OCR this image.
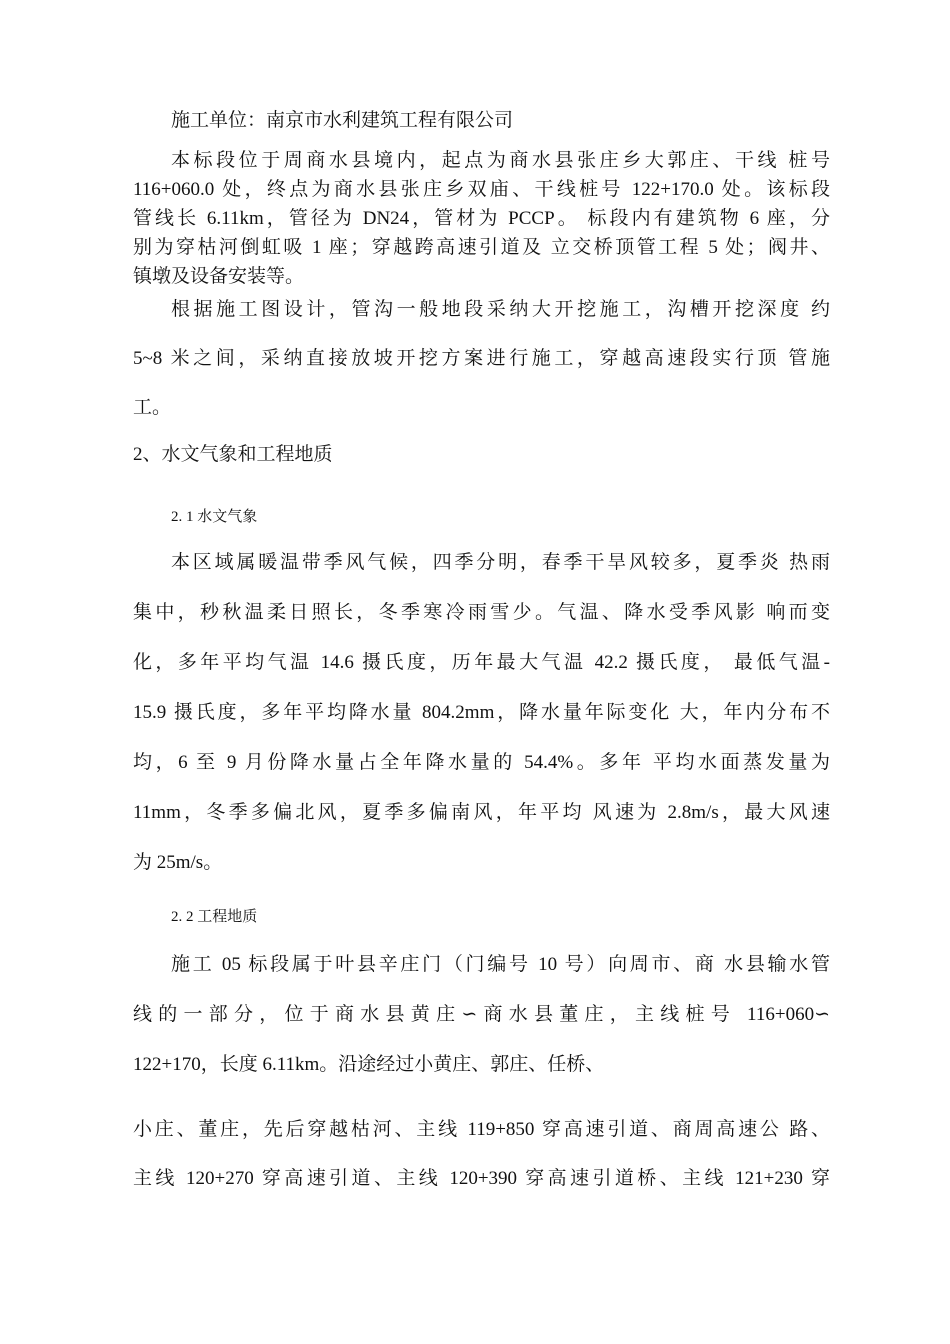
施工单位：南京市水利建筑工程有限公司

本标段位于周商水县境内，起点为商水县张庄乡大郭庄、干线 桩号
116+060.0 处，终点为商水县张庄乡双庙、干线桩号 122+170.0 处。该标段
管线长 6.11km，管径为 DN24，管材为 PCCP。 标段内有建筑物 6 座，分
别为穿枯河倒虹吸 1 座；穿越跨高速引道及 立交桥顶管工程 5 处；阀井、
镇墩及设备安装等。

根据施工图设计，管沟一般地段采纳大开挖施工，沟槽开挖深度 约
5~8 米之间，采纳直接放坡开挖方案进行施工，穿越高速段实行顶 管施
工。

2、水文气象和工程地质

2. 1 水文气象

本区域属暖温带季风气候，四季分明，春季干旱风较多，夏季炎 热雨
集中，秒秋温柔日照长，冬季寒冷雨雪少。气温、降水受季风影 响而变
化，多年平均气温 14.6 摄氏度，历年最大气温 42.2 摄氏度， 最低气温-
15.9 摄氏度，多年平均降水量 804.2mm，降水量年际变化 大，年内分布不
均，6 至 9 月份降水量占全年降水量的 54.4%。多年 平均水面蒸发量为
11mm，冬季多偏北风，夏季多偏南风，年平均 风速为 2.8m/s，最大风速
为 25m/s。

2. 2 工程地质

施工 05 标段属于叶县辛庄门（门编号 10 号）向周市、商 水县输水管
线的一部分，位于商水县黄庄∽商水县董庄，主线桩号 116+060∽
122+170，长度 6.11km。沿途经过小黄庄、郭庄、任桥、

小庄、董庄，先后穿越枯河、主线 119+850 穿高速引道、商周高速公 路、
主线 120+270 穿高速引道、主线 120+390 穿高速引道桥、主线 121+230 穿
